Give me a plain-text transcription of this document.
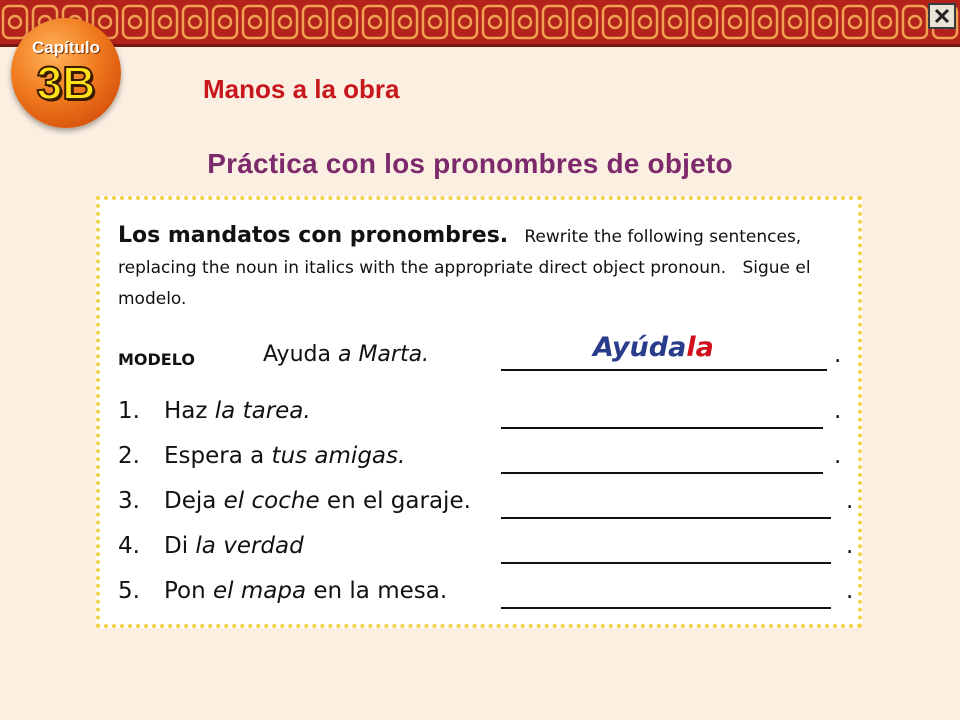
Capítulo
3B	Manos a la obra
Práctica con los pronombres de objeto
Los mandatos con pronombres. Rewrite the following sentences, replacing the noun in italics with the appropriate direct object pronoun. Sigue el modelo.
MODELO	Ayuda a Marta.	Ayúdala	.
1. Haz la tarea.	.
2. Espera a tus amigas.	.
3. Deja el coche en el garaje.	.
4. Di la verdad	.
5. Pon el mapa en la mesa.	.
